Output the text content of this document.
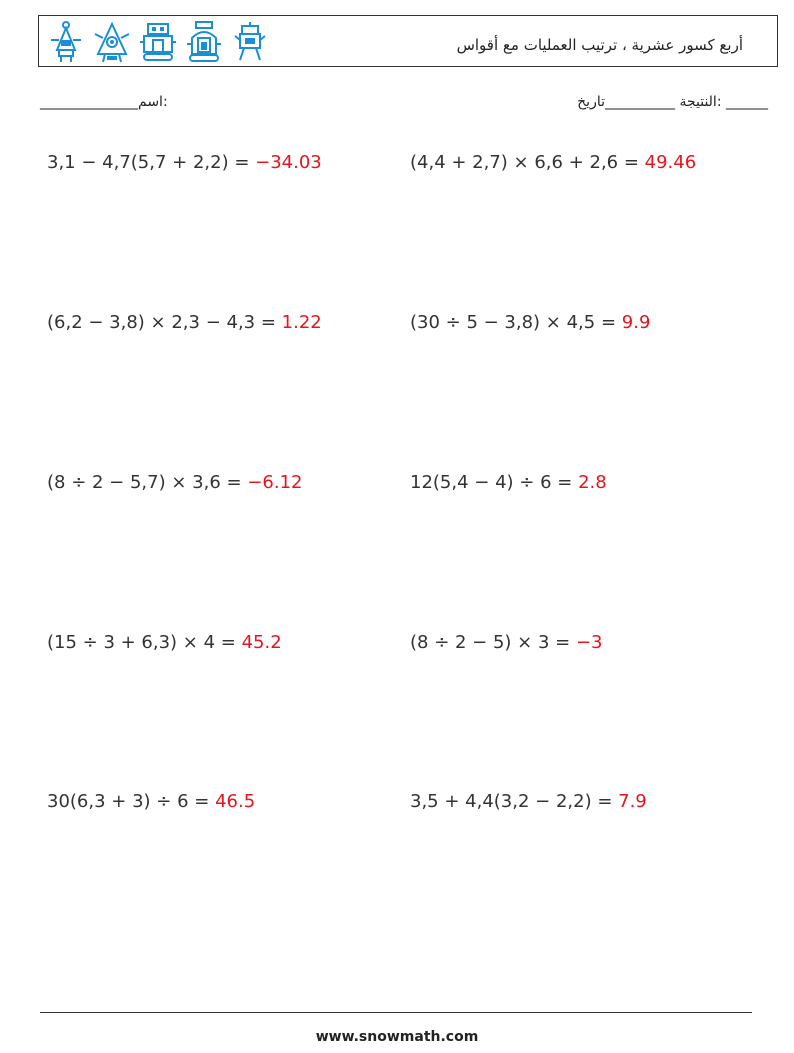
أربع كسور عشرية ، ترتيب العمليات مع أقواس
______________اسم:	النتيجة __________تاريخ: ______
3,1 − 4,7(5,7 + 2,2) = −34.03	(4,4 + 2,7) × 6,6 + 2,6 = 49.46
(6,2 − 3,8) × 2,3 − 4,3 = 1.22	(30 ÷ 5 − 3,8) × 4,5 = 9.9
(8 ÷ 2 − 5,7) × 3,6 = −6.12	12(5,4 − 4) ÷ 6 = 2.8
(15 ÷ 3 + 6,3) × 4 = 45.2	(8 ÷ 2 − 5) × 3 = −3
30(6,3 + 3) ÷ 6 = 46.5	3,5 + 4,4(3,2 − 2,2) = 7.9
www.snowmath.com
